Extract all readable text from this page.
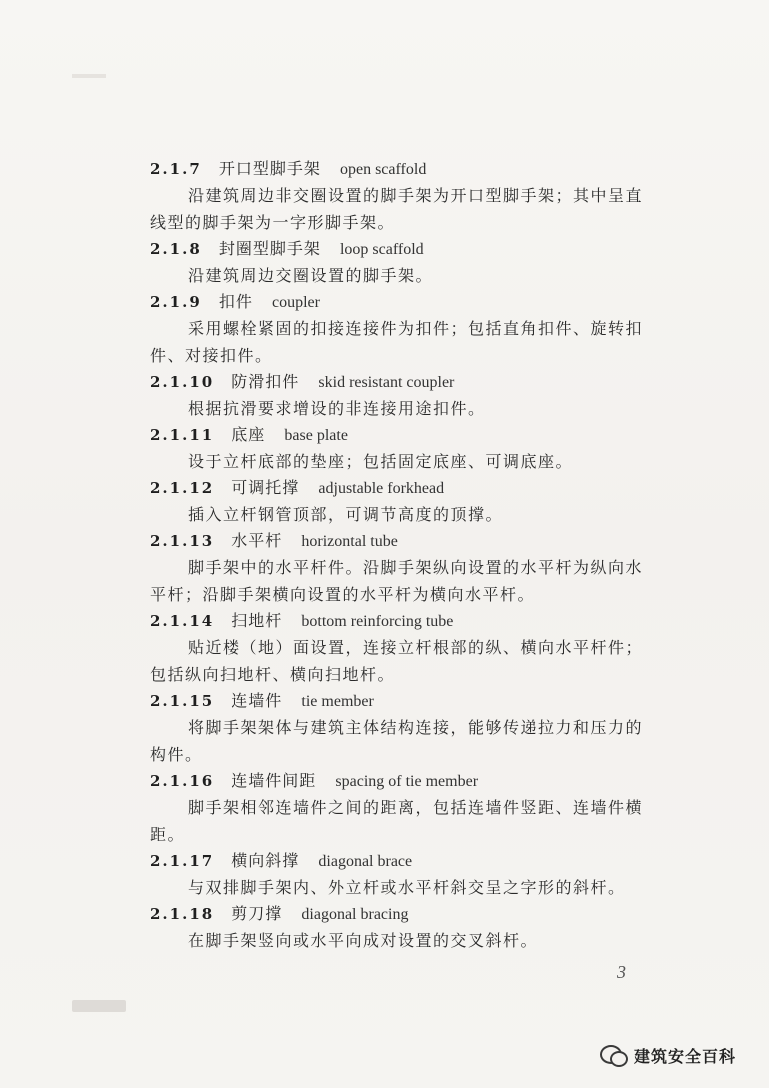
2.1.7 开口型脚手架 open scaffold
沿建筑周边非交圈设置的脚手架为开口型脚手架；其中呈直线型的脚手架为一字形脚手架。
2.1.8 封圈型脚手架 loop scaffold
沿建筑周边交圈设置的脚手架。
2.1.9 扣件 coupler
采用螺栓紧固的扣接连接件为扣件；包括直角扣件、旋转扣件、对接扣件。
2.1.10 防滑扣件 skid resistant coupler
根据抗滑要求增设的非连接用途扣件。
2.1.11 底座 base plate
设于立杆底部的垫座；包括固定底座、可调底座。
2.1.12 可调托撑 adjustable forkhead
插入立杆钢管顶部，可调节高度的顶撑。
2.1.13 水平杆 horizontal tube
脚手架中的水平杆件。沿脚手架纵向设置的水平杆为纵向水平杆；沿脚手架横向设置的水平杆为横向水平杆。
2.1.14 扫地杆 bottom reinforcing tube
贴近楼（地）面设置，连接立杆根部的纵、横向水平杆件；包括纵向扫地杆、横向扫地杆。
2.1.15 连墙件 tie member
将脚手架架体与建筑主体结构连接，能够传递拉力和压力的构件。
2.1.16 连墙件间距 spacing of tie member
脚手架相邻连墙件之间的距离，包括连墙件竖距、连墙件横距。
2.1.17 横向斜撑 diagonal brace
与双排脚手架内、外立杆或水平杆斜交呈之字形的斜杆。
2.1.18 剪刀撑 diagonal bracing
在脚手架竖向或水平向成对设置的交叉斜杆。
3
建筑安全百科
